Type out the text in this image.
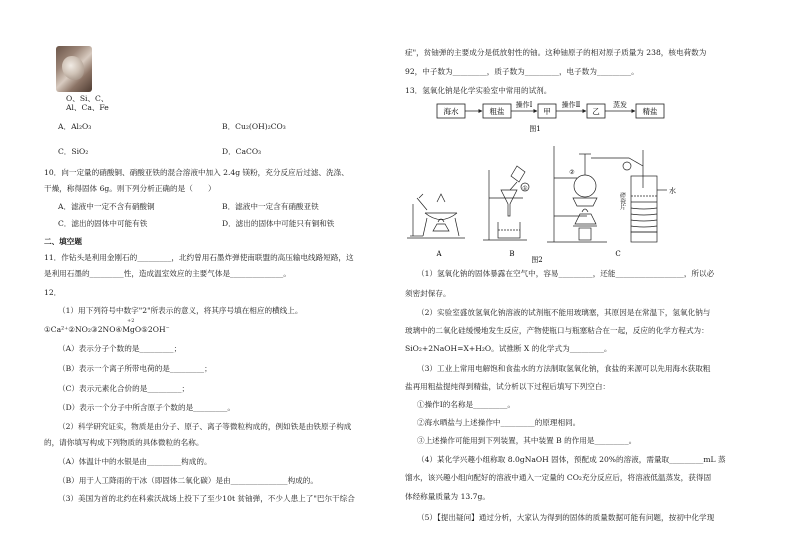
O、Si、C、
Al、Ca、Fe
A．Al₂O₃	B．Cu₂(OH)₂CO₃
C．SiO₂	D．CaCO₃
10．向一定量的硝酸铜、硝酸亚铁的混合溶液中加入 2.4g 镁粉，充分反应后过滤、洗涤、
干燥，称得固体 6g。则下列分析正确的是（　　）
A．滤液中一定不含有硝酸铜	B．滤液中一定含有硝酸亚铁
C．滤出的固体中可能有铁	D．滤出的固体中可能只有铜和铁
二、填空题
11．作钻头是利用金刚石的_________，北约曾用石墨炸弹使南联盟的高压输电线路短路，这
是利用石墨的_________性，造成温室效应的主要气体是______________。
12．
（1）用下列符号中数字"2"所表示的意义，将其序号填在相应的横线上。
①Ca²⁺②NO₂③2NO④MgO⑤2OH⁻
+2
（A）表示分子个数的是_________；
（B）表示一个离子所带电荷的是_________；
（C）表示元素化合价的是_________；
（D）表示一个分子中所含原子个数的是_________。
（2）科学研究证实，物质是由分子、原子、离子等微粒构成的，例如铁是由铁原子构成
的，请你填写构成下列物质的具体微粒的名称。
（A）体温计中的水银是由_________构成的。
（B）用于人工降雨的干冰（即固体二氧化碳）是由_______________构成的。
（3）美国为首的北约在科索沃战场上投下了至少10t 贫铀弹，不少人患上了"巴尔干综合
症"，贫铀弹的主要成分是低放射性的铀。这种铀原子的相对原子质量为 238，核电荷数为
92，中子数为_________，质子数为_________，电子数为_________。
13．氢氧化钠是化学实验室中常用的试剂。
海水	粗盐
操作Ⅰ
甲
操作Ⅱ
乙
蒸发
精盐
图1
A	B	C
①
②
碎瓷片
水
图2
（1）氢氧化钠的固体暴露在空气中，容易_________，还能__________________，所以必
须密封保存。
（2）实验室盛放氢氧化钠溶液的试剂瓶不能用玻璃塞，其原因是在常温下，氢氧化钠与
玻璃中的二氧化硅缓慢地发生反应，产物使瓶口与瓶塞粘合在一起，反应的化学方程式为：
SiO₂+2NaOH=X+H₂O。试推断 X 的化学式为_________。
（3）工业上常用电解饱和食盐水的方法制取氢氧化钠，食盐的来源可以先用海水获取粗
盐再用粗盐提纯得到精盐，试分析以下过程后填写下列空白：
①操作Ⅰ的名称是_________。
②海水晒盐与上述操作中_________的原理相同。
③上述操作可能用到下列装置，其中装置 B 的作用是_________。
（4）某化学兴趣小组称取 8.0gNaOH 固体，预配成 20%的溶液，需量取_________mL 蒸
馏水，该兴趣小组向配好的溶液中通入一定量的 CO₂充分反应后，将溶液低温蒸发，获得固
体经称量质量为 13.7g。
（5）【提出疑问】通过分析，大家认为得到的固体的质量数据可能有问题，按初中化学现
